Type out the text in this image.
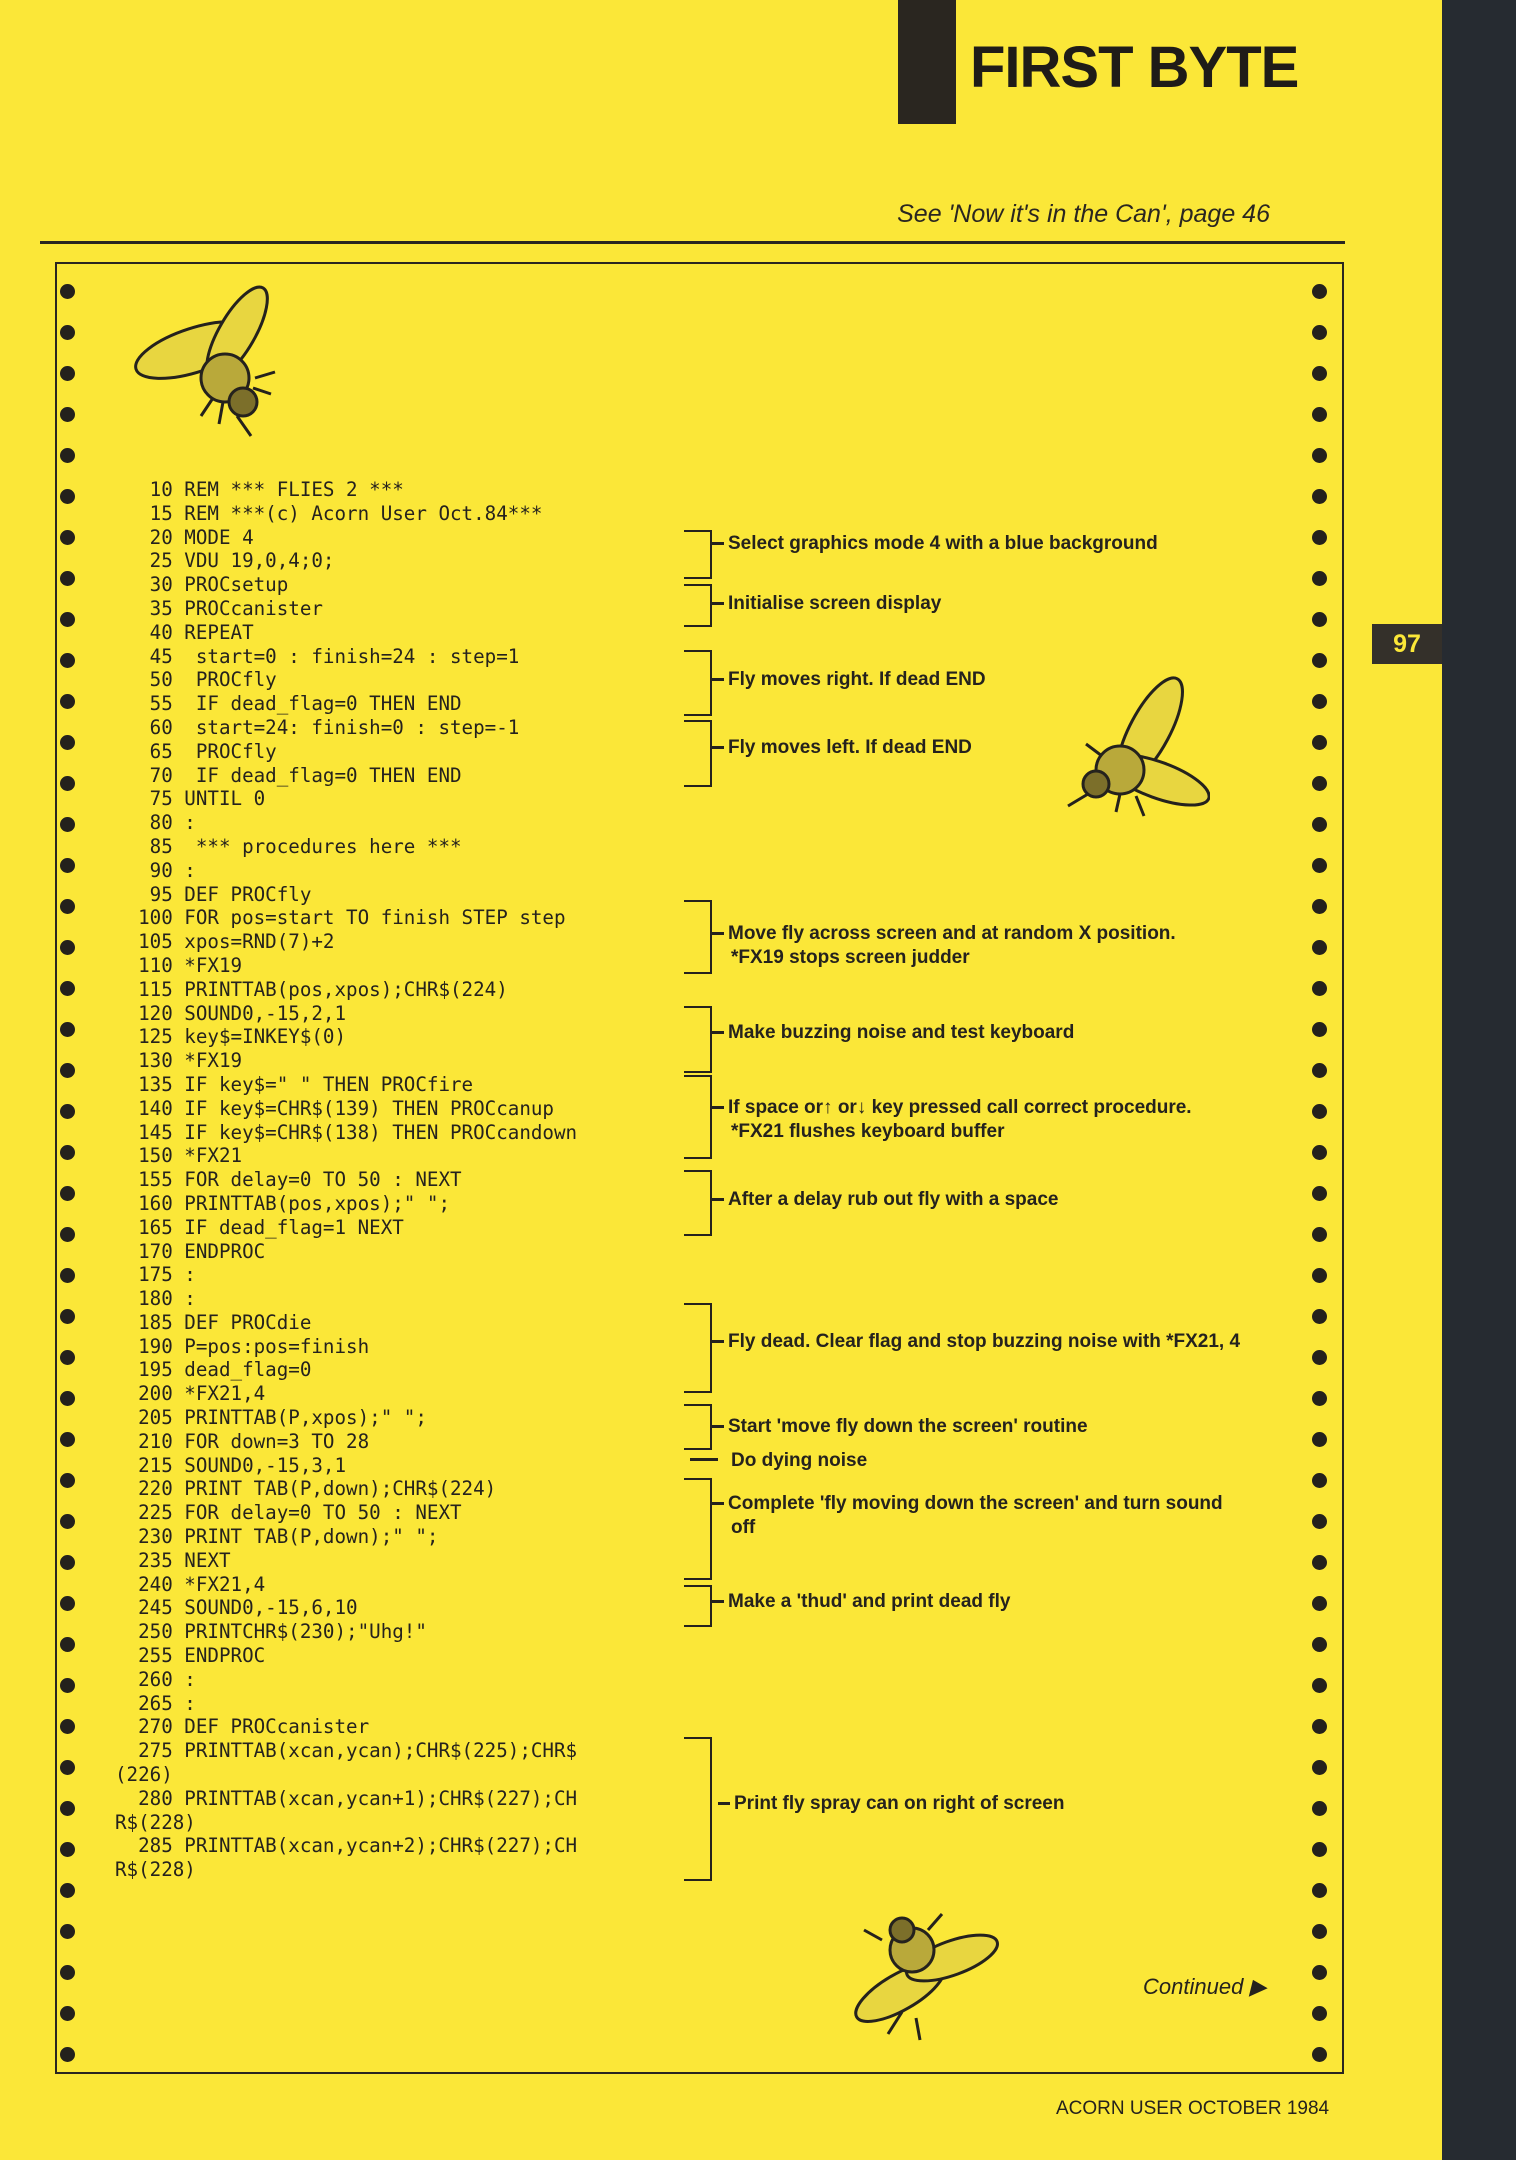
FIRST BYTE
See 'Now it's in the Can', page 46
97
10 REM *** FLIES 2 ***
15 REM ***(c) Acorn User Oct.84***
20 MODE 4
25 VDU 19,0,4;0;
30 PROCsetup
35 PROCcanister
40 REPEAT
45  start=0 : finish=24 : step=1
50  PROCfly
55  IF dead_flag=0 THEN END
60  start=24: finish=0 : step=-1
65  PROCfly
70  IF dead_flag=0 THEN END
75 UNTIL 0
80 :
85  *** procedures here ***
90 :
95 DEF PROCfly
100 FOR pos=start TO finish STEP step
105 xpos=RND(7)+2
110 *FX19
115 PRINTTAB(pos,xpos);CHR$(224)
120 SOUND0,-15,2,1
125 key$=INKEY$(0)
130 *FX19
135 IF key$=" " THEN PROCfire
140 IF key$=CHR$(139) THEN PROCcanup
145 IF key$=CHR$(138) THEN PROCcandown
150 *FX21
155 FOR delay=0 TO 50 : NEXT
160 PRINTTAB(pos,xpos);" ";
165 IF dead_flag=1 NEXT
170 ENDPROC
175 :
180 :
185 DEF PROCdie
190 P=pos:pos=finish
195 dead_flag=0
200 *FX21,4
205 PRINTTAB(P,xpos);" ";
210 FOR down=3 TO 28
215 SOUND0,-15,3,1
220 PRINT TAB(P,down);CHR$(224)
225 FOR delay=0 TO 50 : NEXT
230 PRINT TAB(P,down);" ";
235 NEXT
240 *FX21,4
245 SOUND0,-15,6,10
250 PRINTCHR$(230);"Uhg!"
255 ENDPROC
260 :
265 :
270 DEF PROCcanister
275 PRINTTAB(xcan,ycan);CHR$(225);CHR$
(226)
280 PRINTTAB(xcan,ycan+1);CHR$(227);CH
R$(228)
285 PRINTTAB(xcan,ycan+2);CHR$(227);CH
R$(228)
Select graphics mode 4 with a blue background
Initialise screen display
Fly moves right. If dead END
Fly moves left. If dead END
Move fly across screen and at random X position.
*FX19 stops screen judder
Make buzzing noise and test keyboard
If space or↑ or↓ key pressed call correct procedure.
*FX21 flushes keyboard buffer
After a delay rub out fly with a space
Fly dead. Clear flag and stop buzzing noise with *FX21, 4
Start 'move fly down the screen' routine
Do dying noise
Complete 'fly moving down the screen' and turn sound
off
Make a 'thud' and print dead fly
Print fly spray can on right of screen
Continued ▶
ACORN USER OCTOBER 1984
